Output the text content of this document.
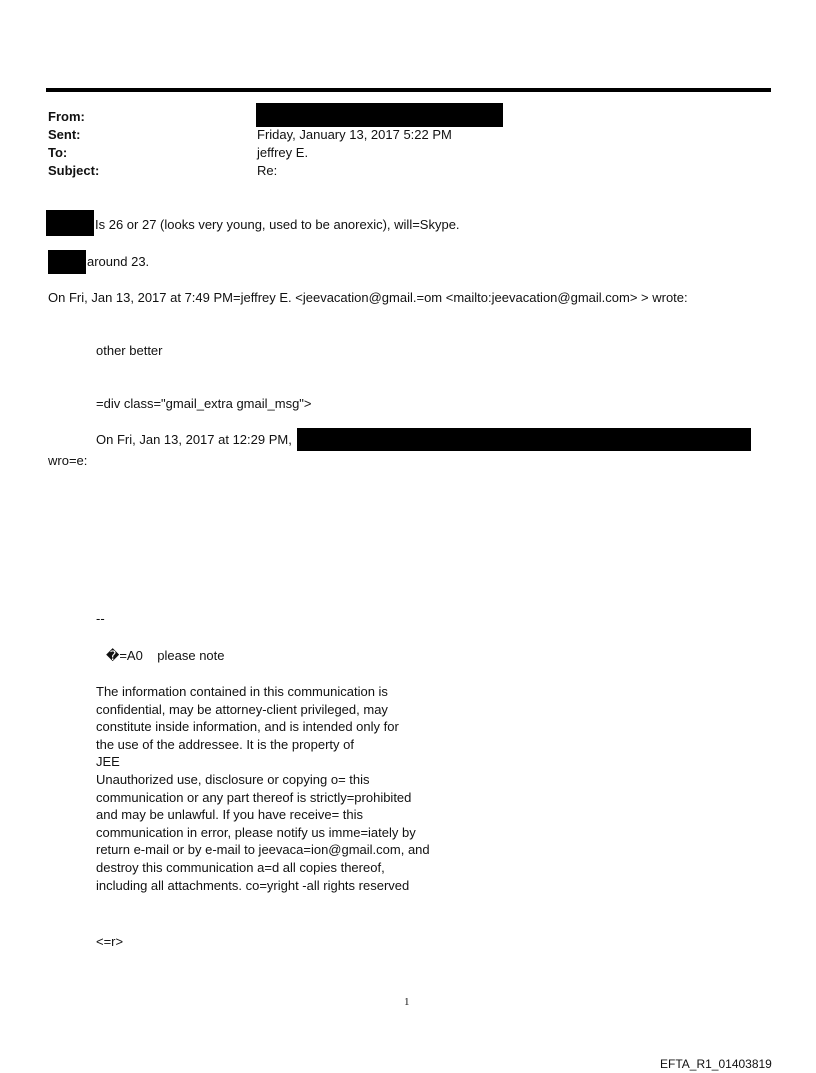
From:
Sent:	Friday, January 13, 2017 5:22 PM
To:	jeffrey E.
Subject:	Re:
Is 26 or 27 (looks very young, used to be anorexic), will=Skype.
around 23.
On Fri, Jan 13, 2017 at 7:49 PM=jeffrey E. <jeevacation@gmail.=om <mailto:jeevacation@gmail.com> > wrote:
other better
=div class="gmail_extra gmail_msg">
On Fri, Jan 13, 2017 at 12:29 PM,
wro=e:
--
�=A0    please note
The information contained in this communication is
confidential, may be attorney-client privileged, may
constitute inside information, and is intended only for
the use of the addressee. It is the property of
JEE
Unauthorized use, disclosure or copying o= this
communication or any part thereof is strictly=prohibited
and may be unlawful. If you have receive= this
communication in error, please notify us imme=iately by
return e-mail or by e-mail to jeevaca=ion@gmail.com, and
destroy this communication a=d all copies thereof,
including all attachments. co=yright -all rights reserved
<=r>
1
EFTA_R1_01403819
